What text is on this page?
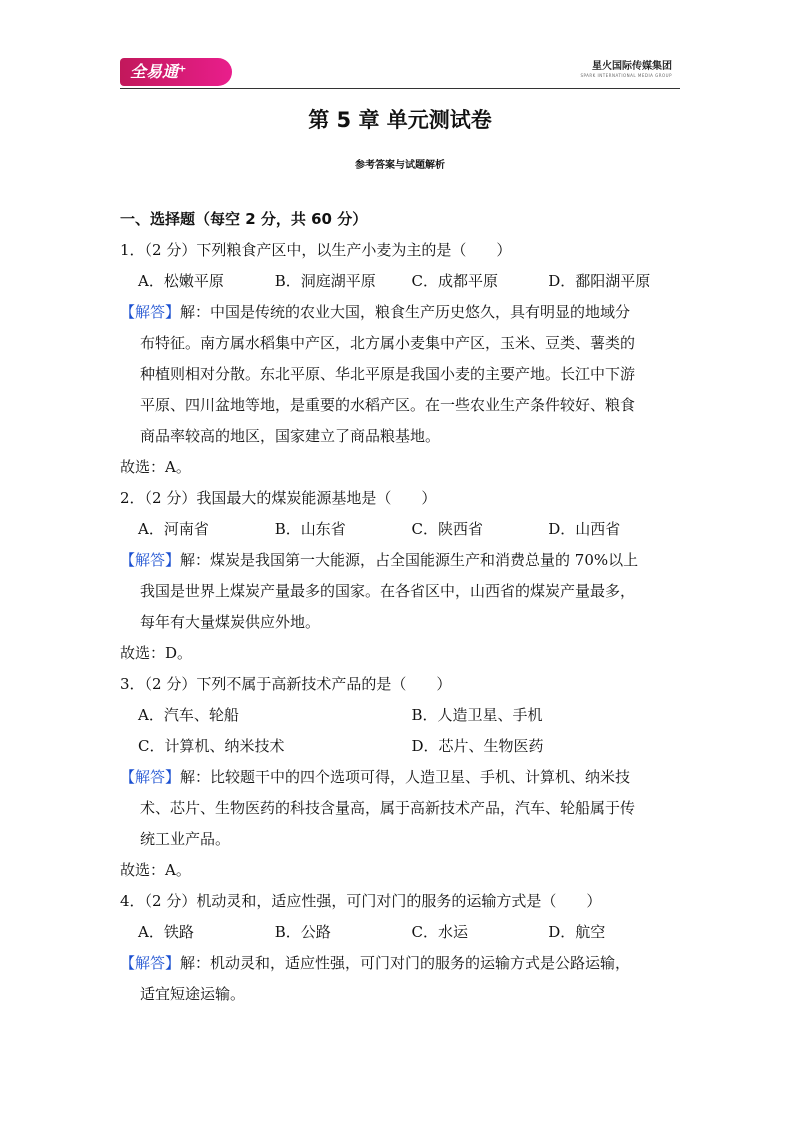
全易通⁺	星火国际传媒集团
SPARK INTERNATIONAL MEDIA GROUP
第 5 章 单元测试卷
参考答案与试题解析
一、选择题（每空 2 分，共 60 分）
1．（2 分）下列粮食产区中，以生产小麦为主的是（　　）
A．松嫩平原	B．洞庭湖平原	C．成都平原	D．鄱阳湖平原
【解答】解：中国是传统的农业大国，粮食生产历史悠久，具有明显的地域分
布特征。南方属水稻集中产区，北方属小麦集中产区，玉米、豆类、薯类的
种植则相对分散。东北平原、华北平原是我国小麦的主要产地。长江中下游
平原、四川盆地等地，是重要的水稻产区。在一些农业生产条件较好、粮食
商品率较高的地区，国家建立了商品粮基地。
故选：A。
2．（2 分）我国最大的煤炭能源基地是（　　）
A．河南省	B．山东省	C．陕西省	D．山西省
【解答】解：煤炭是我国第一大能源，占全国能源生产和消费总量的 70%以上
我国是世界上煤炭产量最多的国家。在各省区中，山西省的煤炭产量最多，
每年有大量煤炭供应外地。
故选：D。
3．（2 分）下列不属于高新技术产品的是（　　）
A．汽车、轮船	B．人造卫星、手机
C．计算机、纳米技术	D．芯片、生物医药
【解答】解：比较题干中的四个选项可得，人造卫星、手机、计算机、纳米技
术、芯片、生物医药的科技含量高，属于高新技术产品，汽车、轮船属于传
统工业产品。
故选：A。
4．（2 分）机动灵和，适应性强，可门对门的服务的运输方式是（　　）
A．铁路	B．公路	C．水运	D．航空
【解答】解：机动灵和，适应性强，可门对门的服务的运输方式是公路运输，
适宜短途运输。
